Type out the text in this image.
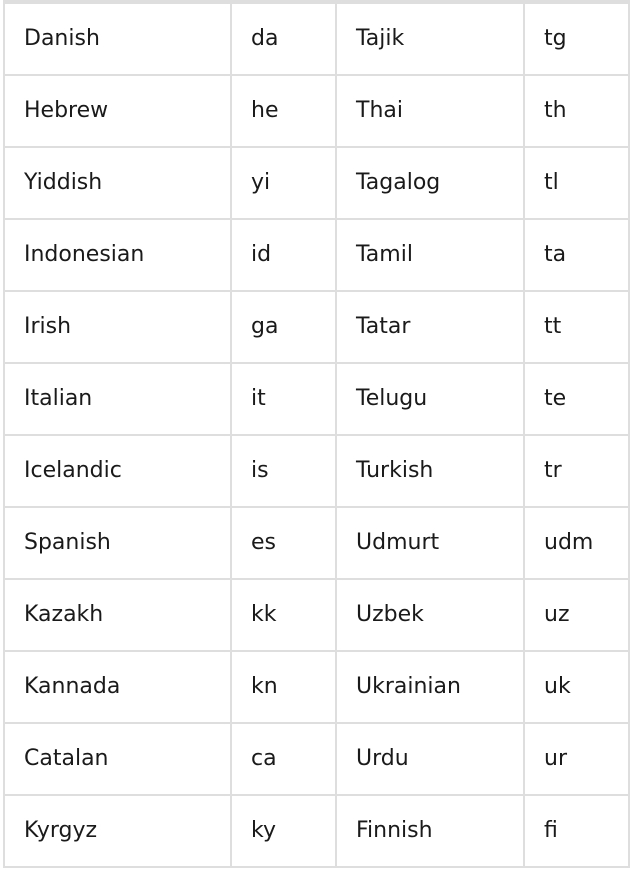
Danish	da	Tajik	tg
Hebrew	he	Thai	th
Yiddish	yi	Tagalog	tl
Indonesian	id	Tamil	ta
Irish	ga	Tatar	tt
Italian	it	Telugu	te
Icelandic	is	Turkish	tr
Spanish	es	Udmurt	udm
Kazakh	kk	Uzbek	uz
Kannada	kn	Ukrainian	uk
Catalan	ca	Urdu	ur
Kyrgyz	ky	Finnish	fi
